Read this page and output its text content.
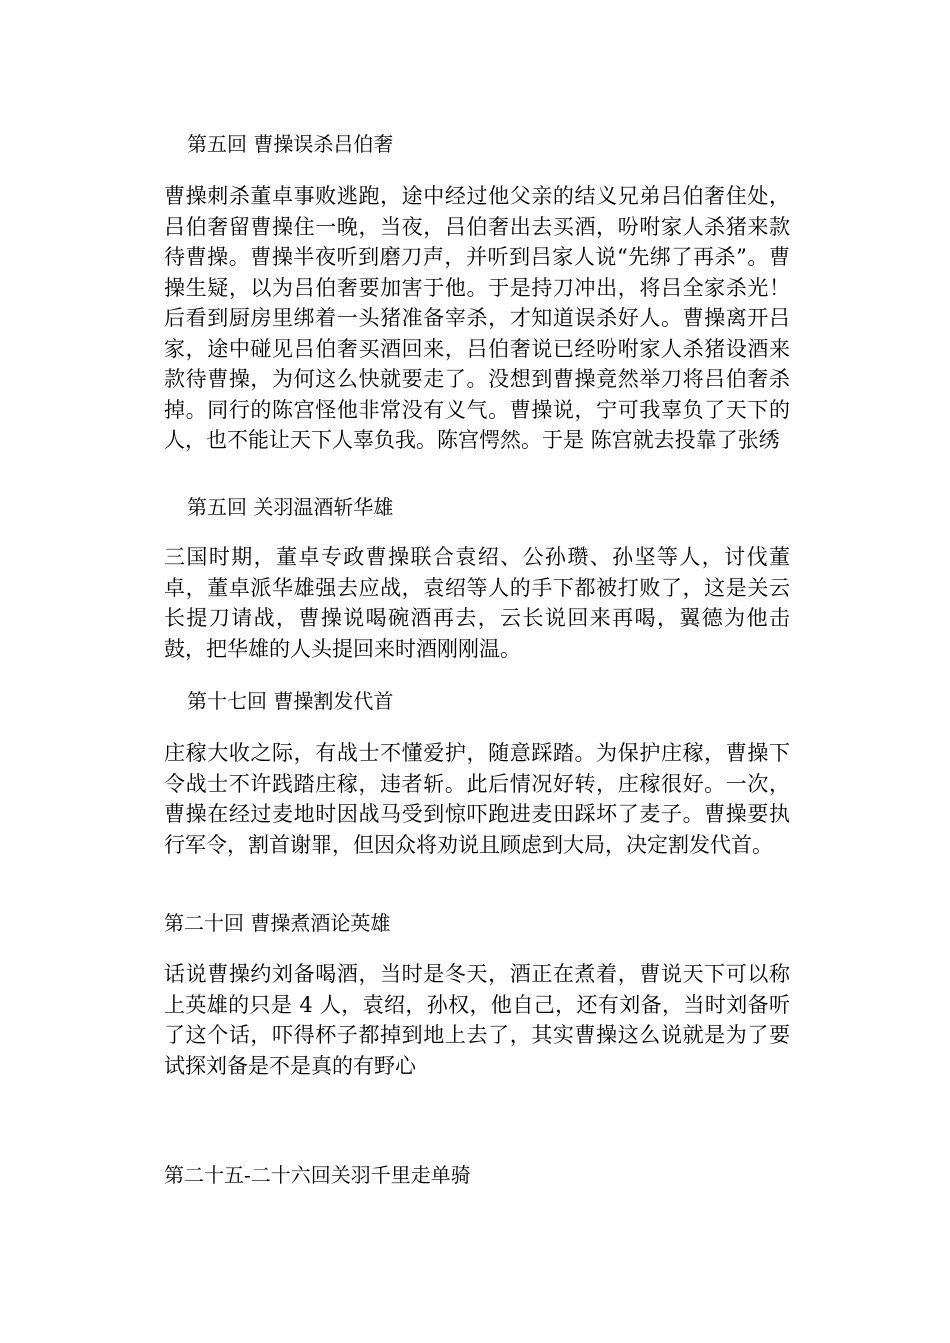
第五回 曹操误杀吕伯奢
曹操刺杀董卓事败逃跑，途中经过他父亲的结义兄弟吕伯奢住处，吕伯奢留曹操住一晚，当夜，吕伯奢出去买酒，吩咐家人杀猪来款待曹操。曹操半夜听到磨刀声，并听到吕家人说“先绑了再杀”。曹操生疑，以为吕伯奢要加害于他。于是持刀冲出，将吕全家杀光！后看到厨房里绑着一头猪准备宰杀，才知道误杀好人。曹操离开吕家，途中碰见吕伯奢买酒回来，吕伯奢说已经吩咐家人杀猪设酒来款待曹操，为何这么快就要走了。没想到曹操竟然举刀将吕伯奢杀掉。同行的陈宫怪他非常没有义气。曹操说，宁可我辜负了天下的人，也不能让天下人辜负我。陈宫愕然。于是 陈宫就去投靠了张绣
第五回 关羽温酒斩华雄
三国时期，董卓专政曹操联合袁绍、公孙瓒、孙坚等人，讨伐董卓，董卓派华雄强去应战，袁绍等人的手下都被打败了，这是关云长提刀请战，曹操说喝碗酒再去，云长说回来再喝，翼德为他击鼓，把华雄的人头提回来时酒刚刚温。
第十七回 曹操割发代首
庄稼大收之际，有战士不懂爱护，随意踩踏。为保护庄稼，曹操下令战士不许践踏庄稼，违者斩。此后情况好转，庄稼很好。一次，曹操在经过麦地时因战马受到惊吓跑进麦田踩坏了麦子。曹操要执行军令，割首谢罪，但因众将劝说且顾虑到大局，决定割发代首。
第二十回 曹操煮酒论英雄
话说曹操约刘备喝酒，当时是冬天，酒正在煮着，曹说天下可以称上英雄的只是 4 人，袁绍，孙权，他自己，还有刘备，当时刘备听了这个话，吓得杯子都掉到地上去了，其实曹操这么说就是为了要试探刘备是不是真的有野心
第二十五-二十六回关羽千里走单骑
